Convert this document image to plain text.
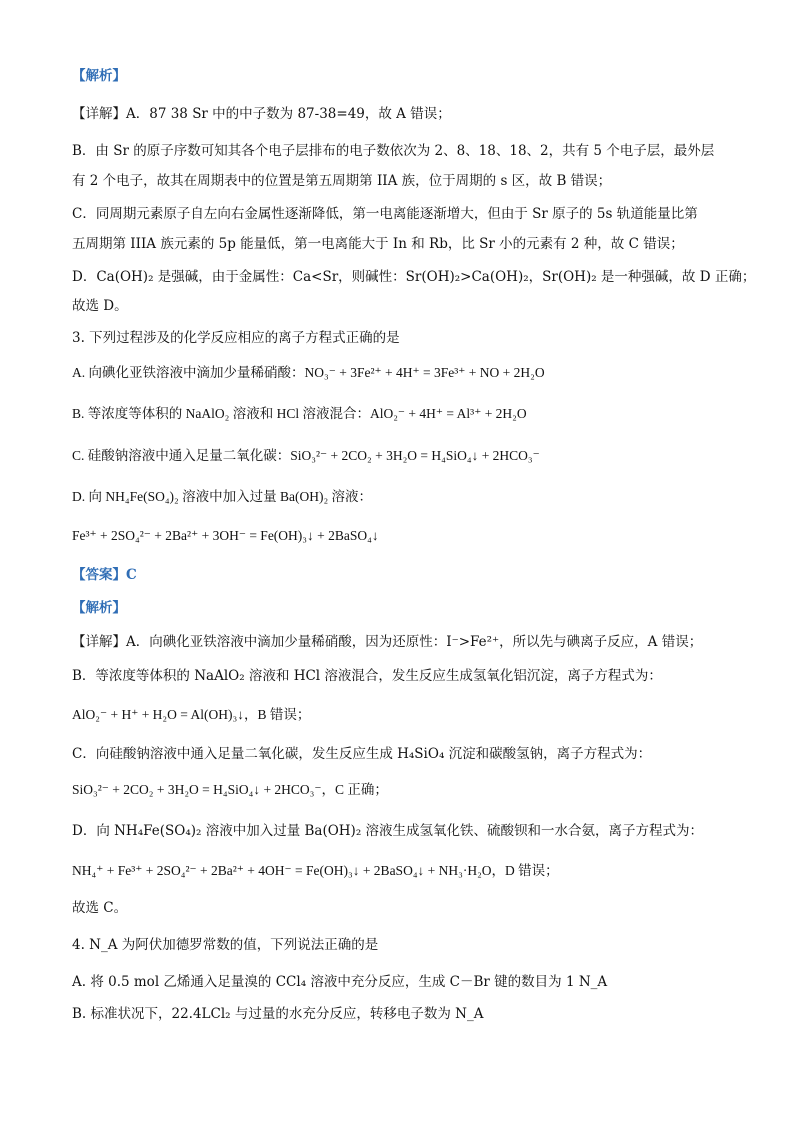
【解析】
【详解】A．87 38 Sr 中的中子数为 87-38=49，故 A 错误；
B．由 Sr 的原子序数可知其各个电子层排布的电子数依次为 2、8、18、18、2，共有 5 个电子层，最外层
有 2 个电子，故其在周期表中的位置是第五周期第 IIA 族，位于周期的 s 区，故 B 错误；
C．同周期元素原子自左向右金属性逐渐降低，第一电离能逐渐增大，但由于 Sr 原子的 5s 轨道能量比第
五周期第 IIIA 族元素的 5p 能量低，第一电离能大于 In 和 Rb，比 Sr 小的元素有 2 种，故 C 错误；
D．Ca(OH)₂ 是强碱，由于金属性：Ca<Sr，则碱性：Sr(OH)₂>Ca(OH)₂，Sr(OH)₂ 是一种强碱，故 D 正确；
故选 D。
3. 下列过程涉及的化学反应相应的离子方程式正确的是
A. 向碘化亚铁溶液中滴加少量稀硝酸：NO₃⁻ + 3Fe²⁺ + 4H⁺ = 3Fe³⁺ + NO + 2H₂O
B. 等浓度等体积的 NaAlO₂ 溶液和 HCl 溶液混合：AlO₂⁻ + 4H⁺ = Al³⁺ + 2H₂O
C. 硅酸钠溶液中通入足量二氧化碳：SiO₃²⁻ + 2CO₂ + 3H₂O = H₄SiO₄↓ + 2HCO₃⁻
D. 向 NH₄Fe(SO₄)₂ 溶液中加入过量 Ba(OH)₂ 溶液：
Fe³⁺ + 2SO₄²⁻ + 2Ba²⁺ + 3OH⁻ = Fe(OH)₃↓ + 2BaSO₄↓
【答案】C
【解析】
【详解】A．向碘化亚铁溶液中滴加少量稀硝酸，因为还原性：I⁻>Fe²⁺，所以先与碘离子反应，A 错误；
B．等浓度等体积的 NaAlO₂ 溶液和 HCl 溶液混合，发生反应生成氢氧化铝沉淀，离子方程式为：
AlO₂⁻ + H⁺ + H₂O = Al(OH)₃↓，B 错误；
C．向硅酸钠溶液中通入足量二氧化碳，发生反应生成 H₄SiO₄ 沉淀和碳酸氢钠，离子方程式为：
SiO₃²⁻ + 2CO₂ + 3H₂O = H₄SiO₄↓ + 2HCO₃⁻，C 正确；
D．向 NH₄Fe(SO₄)₂ 溶液中加入过量 Ba(OH)₂ 溶液生成氢氧化铁、硫酸钡和一水合氨，离子方程式为：
NH₄⁺ + Fe³⁺ + 2SO₄²⁻ + 2Ba²⁺ + 4OH⁻ = Fe(OH)₃↓ + 2BaSO₄↓ + NH₃·H₂O，D 错误；
故选 C。
4. N_A 为阿伏加德罗常数的值，下列说法正确的是
A. 将 0.5 mol 乙烯通入足量溴的 CCl₄ 溶液中充分反应，生成 C－Br 键的数目为 1 N_A
B. 标准状况下，22.4LCl₂ 与过量的水充分反应，转移电子数为 N_A
